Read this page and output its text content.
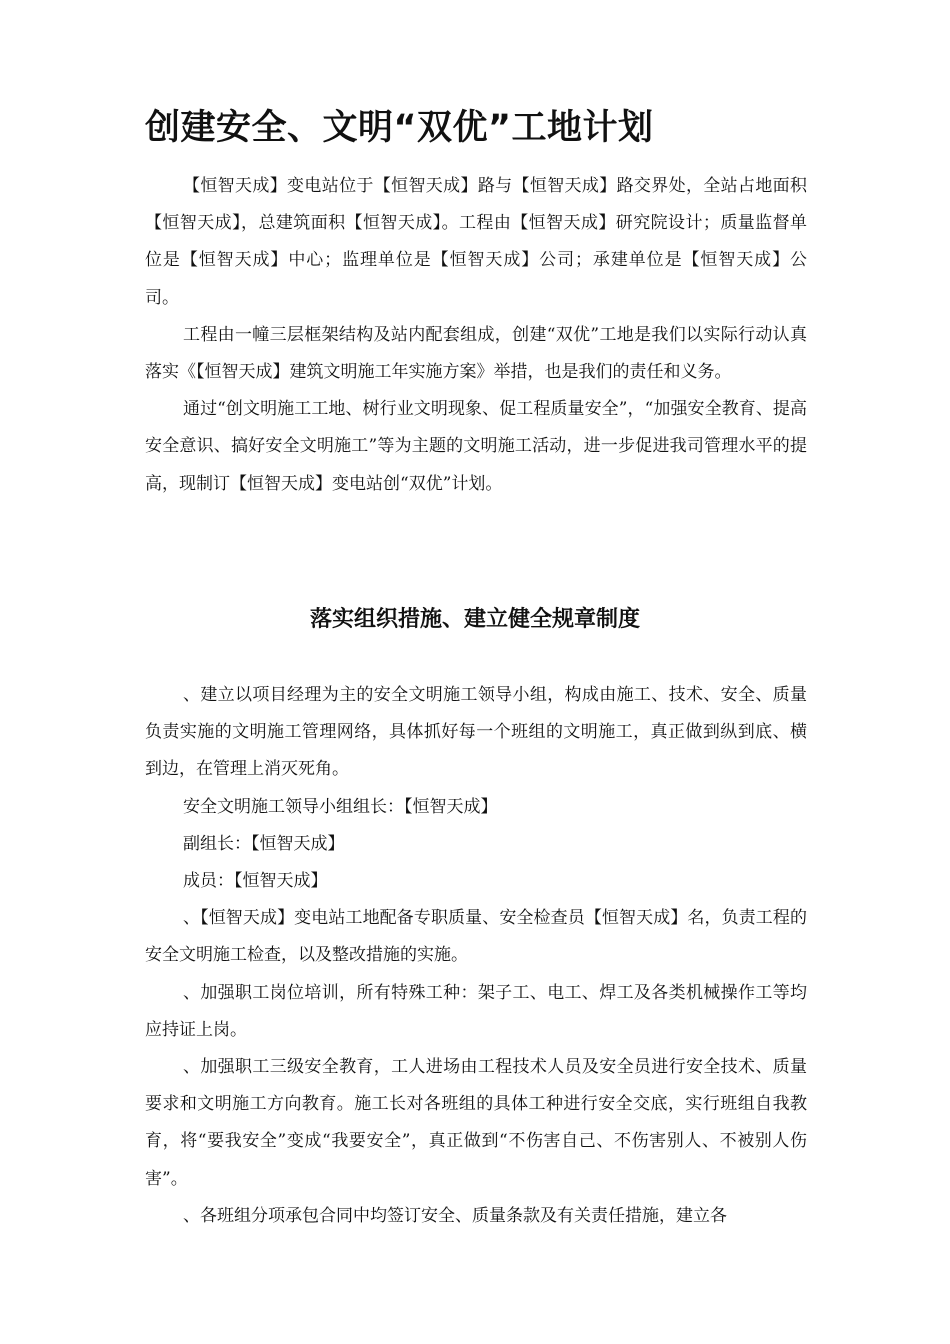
创建安全、文明“双优”工地计划

【恒智天成】变电站位于【恒智天成】路与【恒智天成】路交界处，全站占地面积【恒智天成】，总建筑面积【恒智天成】。工程由【恒智天成】研究院设计；质量监督单位是【恒智天成】中心；监理单位是【恒智天成】公司；承建单位是【恒智天成】公司。

工程由一幢三层框架结构及站内配套组成，创建“双优”工地是我们以实际行动认真落实《【恒智天成】建筑文明施工年实施方案》举措，也是我们的责任和义务。

通过“创文明施工工地、树行业文明现象、促工程质量安全”，“加强安全教育、提高安全意识、搞好安全文明施工”等为主题的文明施工活动，进一步促进我司管理水平的提高，现制订【恒智天成】变电站创“双优”计划。

落实组织措施、建立健全规章制度

、建立以项目经理为主的安全文明施工领导小组，构成由施工、技术、安全、质量负责实施的文明施工管理网络，具体抓好每一个班组的文明施工，真正做到纵到底、横到边，在管理上消灭死角。

安全文明施工领导小组组长：【恒智天成】

副组长：【恒智天成】

成员：【恒智天成】

、【恒智天成】变电站工地配备专职质量、安全检查员【恒智天成】名，负责工程的安全文明施工检查，以及整改措施的实施。

、加强职工岗位培训，所有特殊工种：架子工、电工、焊工及各类机械操作工等均应持证上岗。

、加强职工三级安全教育，工人进场由工程技术人员及安全员进行安全技术、质量要求和文明施工方向教育。施工长对各班组的具体工种进行安全交底，实行班组自我教育，将“要我安全”变成“我要安全”，真正做到“不伤害自己、不伤害别人、不被别人伤害”。

、各班组分项承包合同中均签订安全、质量条款及有关责任措施，建立各
